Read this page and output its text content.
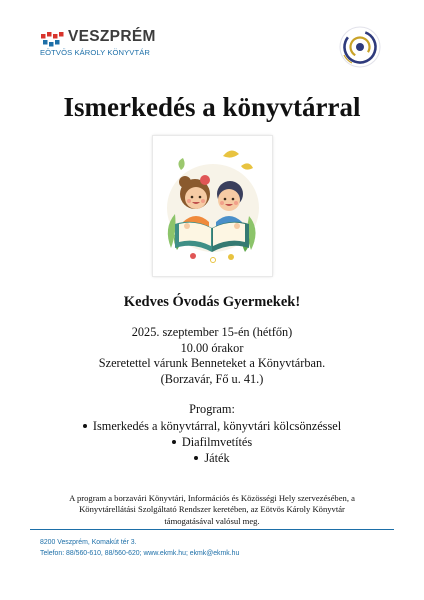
VESZPRÉM
EÖTVÖS KÁROLY KÖNYVTÁR
Ismerkedés a könyvtárral
Kedves Óvodás Gyermekek!
2025. szeptember 15-én (hétfőn)
10.00 órakor
Szeretettel várunk Benneteket a Könyvtárban.
(Borzavár, Fő u. 41.)
Program:
Ismerkedés a könyvtárral, könyvtári kölcsönzéssel
Diafilmvetítés
Játék
A program a borzavári Könyvtári, Információs és Közösségi Hely szervezésében, a
Könyvtárellátási Szolgáltató Rendszer keretében, az Eötvös Károly Könyvtár
támogatásával valósul meg.
8200 Veszprém, Komakút tér 3.
Telefon: 88/560-610, 88/560-620; www.ekmk.hu; ekmk@ekmk.hu
